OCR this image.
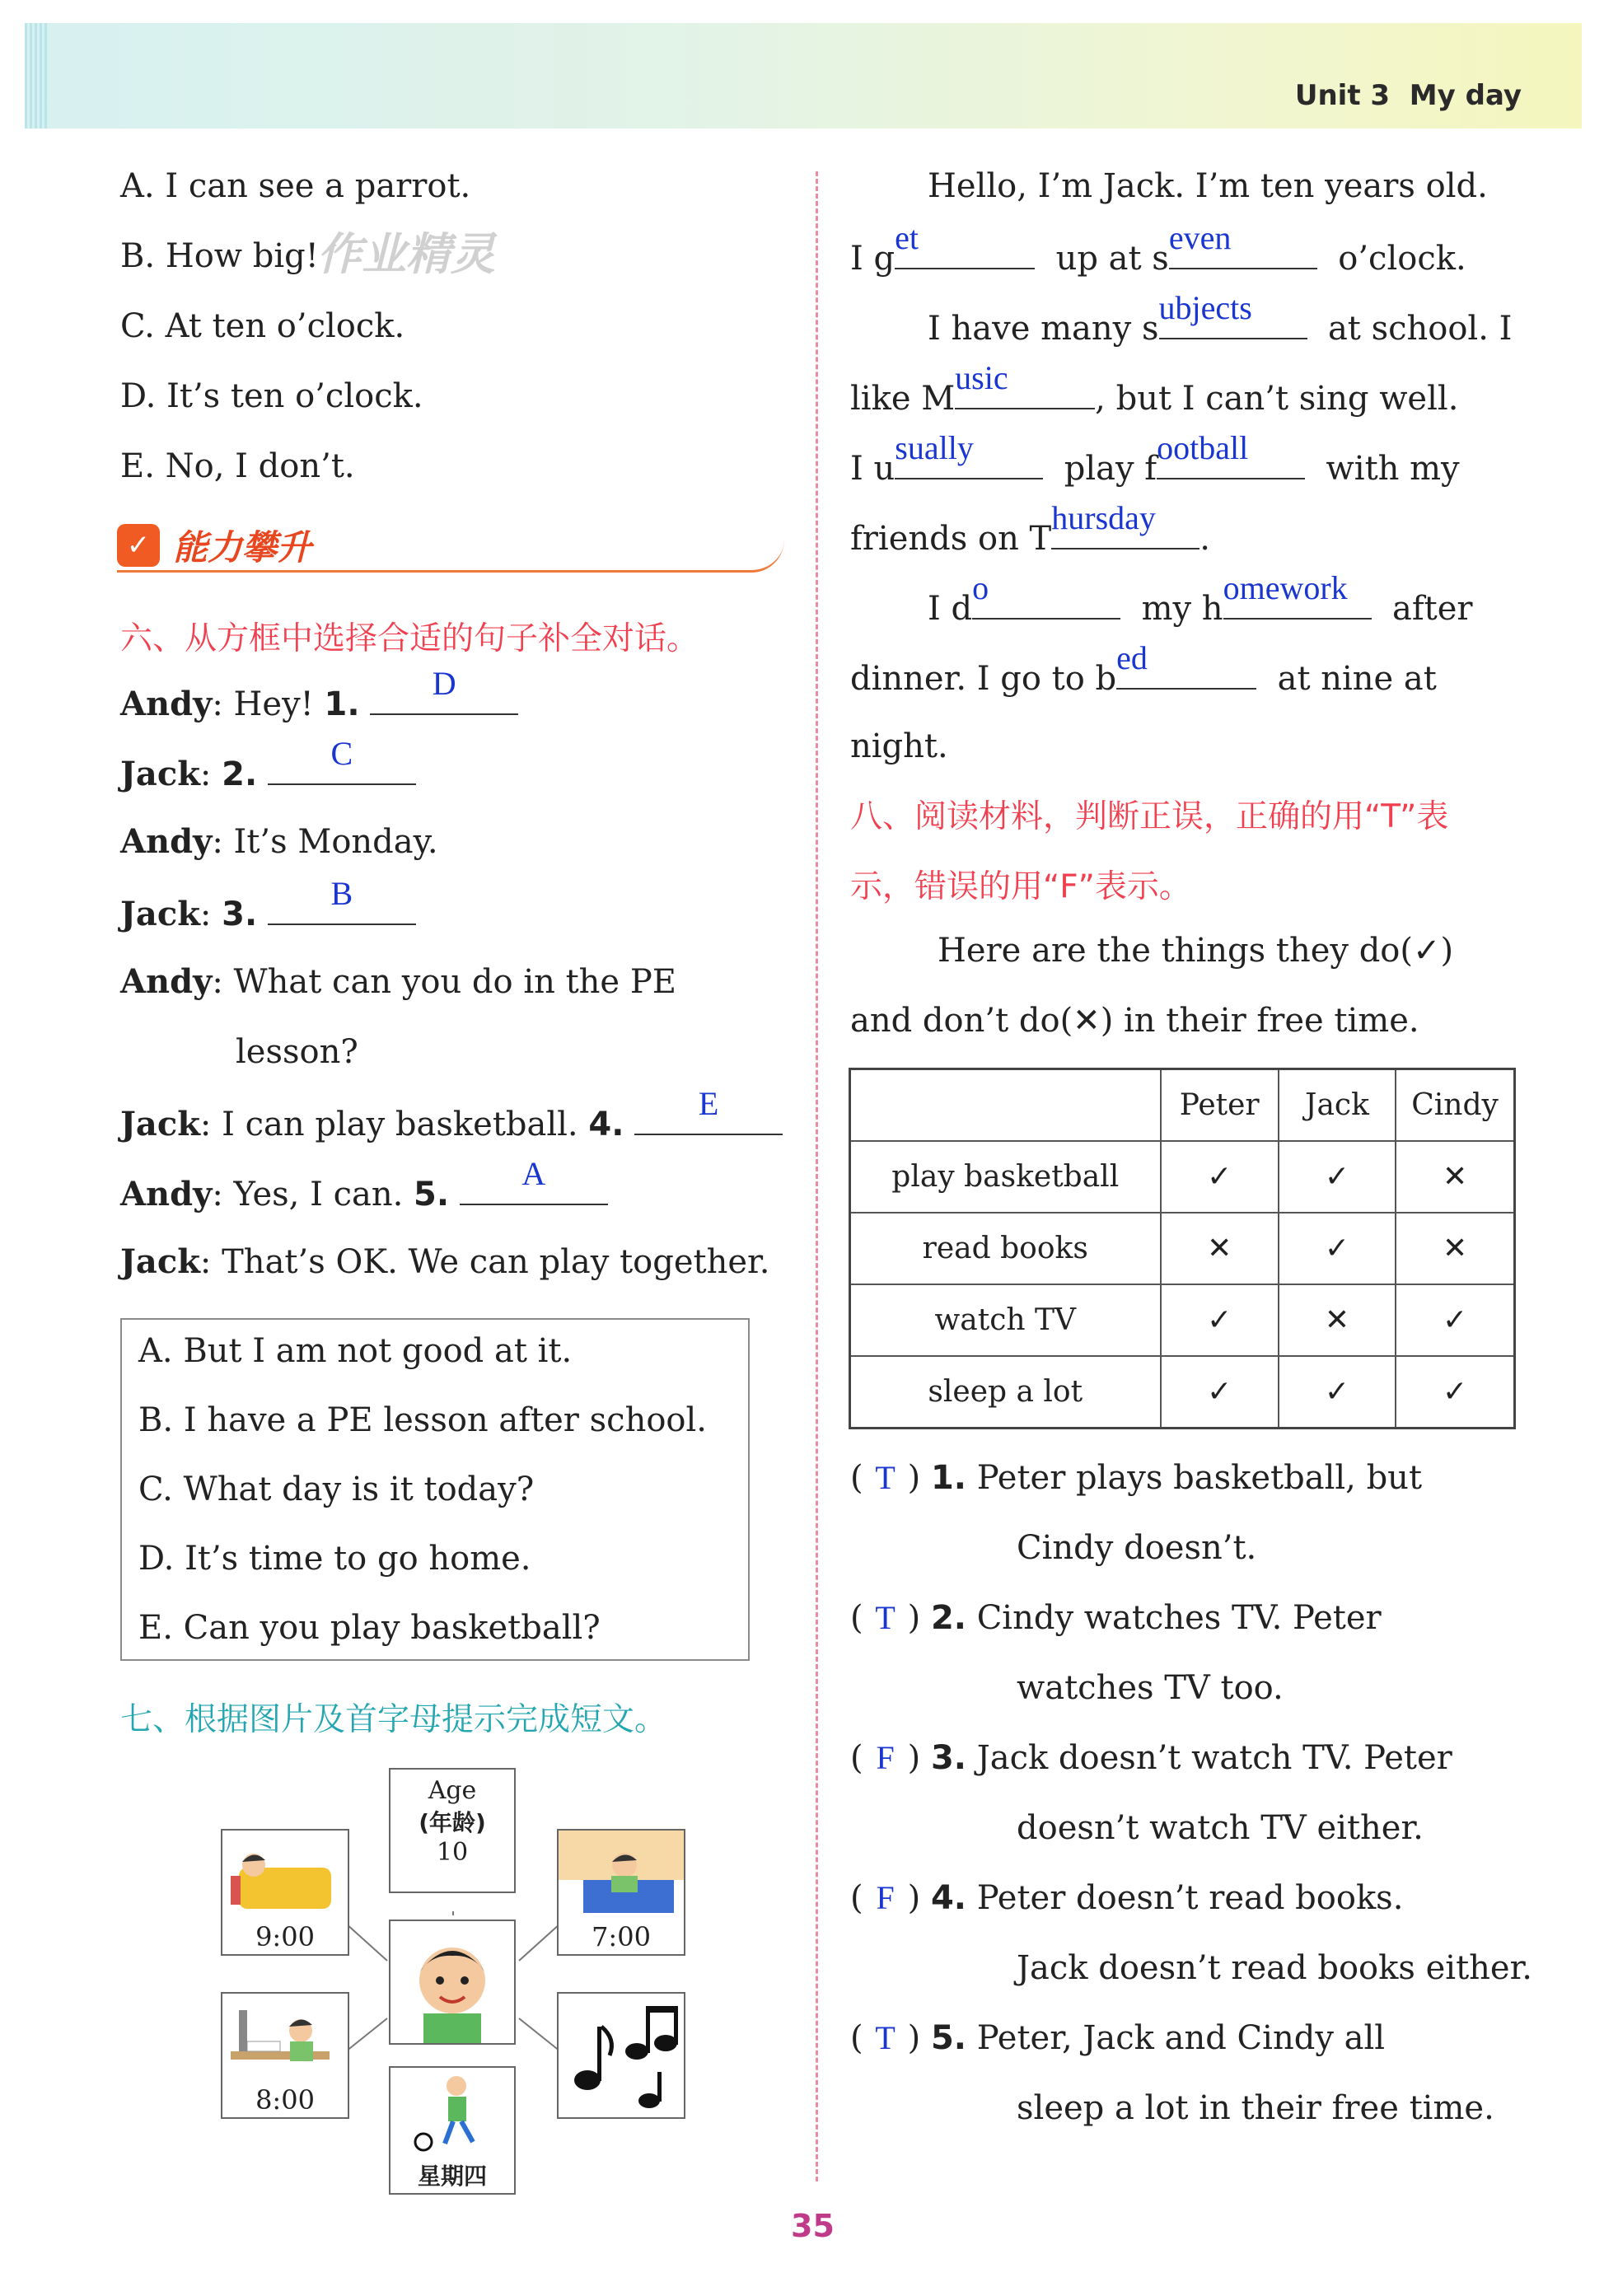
Unit 3 My day
A. I can see a parrot.
B. How big!
作业精灵
C. At ten o’clock.
D. It’s ten o’clock.
E. No, I don’t.
✓ 能力攀升
六、从方框中选择合适的句子补全对话。
Andy: Hey! 1.
D
Jack: 2.
C
Andy: It’s Monday.
Jack: 3.
B
Andy: What can you do in the PE
lesson?
Jack: I can play basketball. 4.
E
Andy: Yes, I can. 5.
A
Jack: That’s OK. We can play together.
A. But I am not good at it.
B. I have a PE lesson after school.
C. What day is it today?
D. It’s time to go home.
E. Can you play basketball?
七、根据图片及首字母提示完成短文。
Age
(年龄)
10
9:00	7:00
8:00
星期四
Hello, I’m Jack. I’m ten years old.
I g
et
up at s
even
o’clock.
I have many s
ubjects
at school. I
like M
usic
, but I can’t sing well.
I u
sually
play f
ootball
with my
friends on T
hursday
.
I d
o
my h
omework
after
dinner. I go to b
ed
at nine at
night.
八、阅读材料，判断正误，正确的用“T”表
示，错误的用“F”表示。
Here are the things they do(✓)
and don’t do(✕) in their free time.
	Peter	Jack	Cindy
play basketball	✓	✓	✕
read books	✕	✓	✕
watch TV	✓	✕	✓
sleep a lot	✓	✓	✓
( T ) 1. Peter plays basketball, but
Cindy doesn’t.
( T ) 2. Cindy watches TV. Peter
watches TV too.
( F ) 3. Jack doesn’t watch TV. Peter
doesn’t watch TV either.
( F ) 4. Peter doesn’t read books.
Jack doesn’t read books either.
( T ) 5. Peter, Jack and Cindy all
sleep a lot in their free time.
35
